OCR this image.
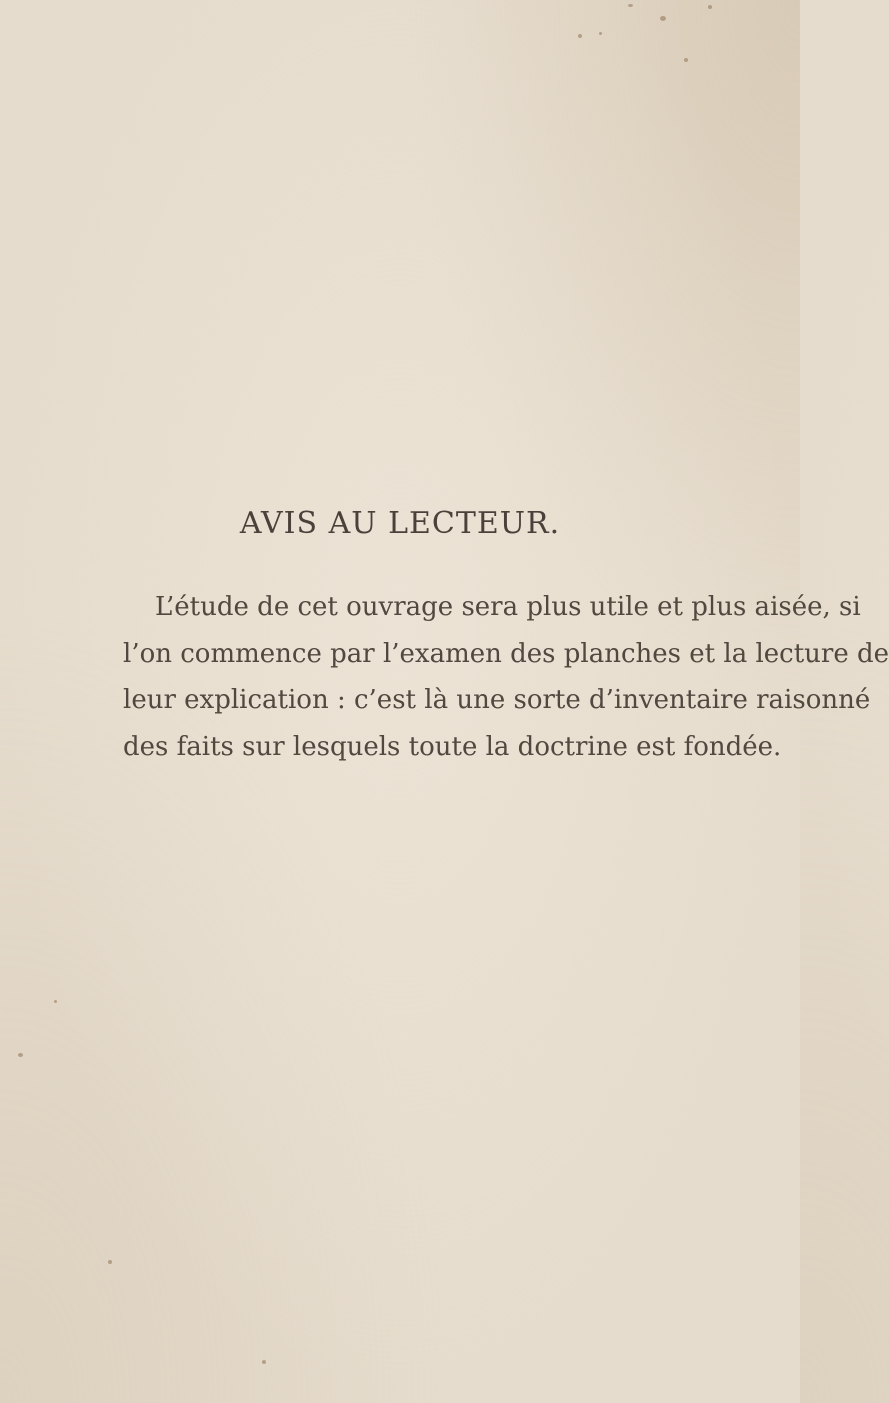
AVIS AU LECTEUR.
L’étude de cet ouvrage sera plus utile et plus aisée, si
l’on commence par l’examen des planches et la lecture de
leur explication : c’est là une sorte d’inventaire raisonné
des faits sur lesquels toute la doctrine est fondée.
